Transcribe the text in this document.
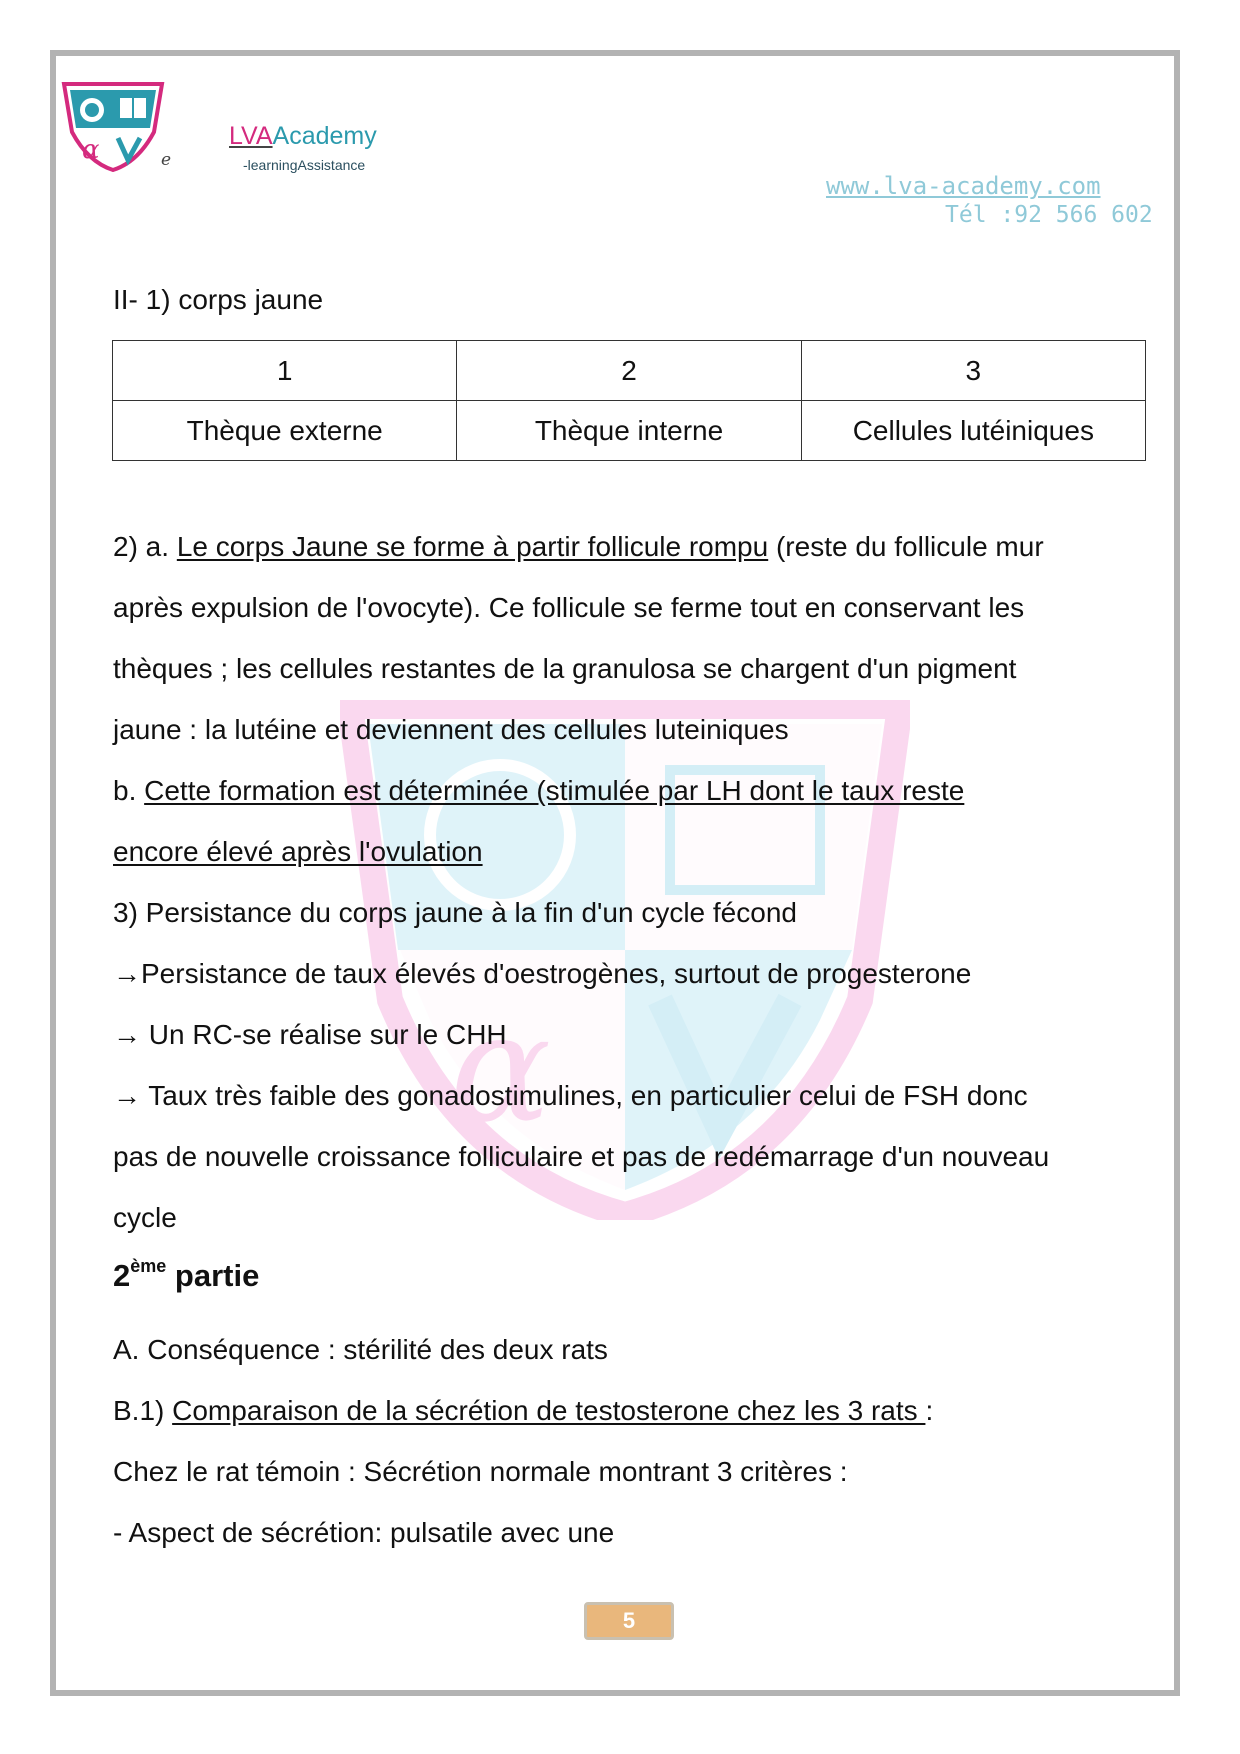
α	e
LVAAcademy
-learningAssistance
www.lva-academy.com
Tél :92 566 602
α
II- 1) corps jaune
1	2	3
Thèque externe	Thèque interne	Cellules lutéiniques
2) a. Le corps Jaune se forme à partir follicule rompu (reste du follicule mur
après expulsion de l'ovocyte). Ce follicule se ferme tout en conservant les
thèques ; les cellules restantes de la granulosa se chargent d'un pigment
jaune : la lutéine et deviennent des cellules luteiniques
b. Cette formation est déterminée (stimulée par LH dont le taux reste
encore élevé après l'ovulation
3) Persistance du corps jaune à la fin d'un cycle fécond
→Persistance de taux élevés d'oestrogènes, surtout de progesterone
→ Un RC-se réalise sur le CHH
→ Taux très faible des gonadostimulines, en particulier celui de FSH donc
pas de nouvelle croissance folliculaire et pas de redémarrage d'un nouveau
cycle
2ème partie
A. Conséquence : stérilité des deux rats
B.1) Comparaison de la sécrétion de testosterone chez les 3 rats :
Chez le rat témoin : Sécrétion normale montrant 3 critères :
- Aspect de sécrétion: pulsatile avec une
5
